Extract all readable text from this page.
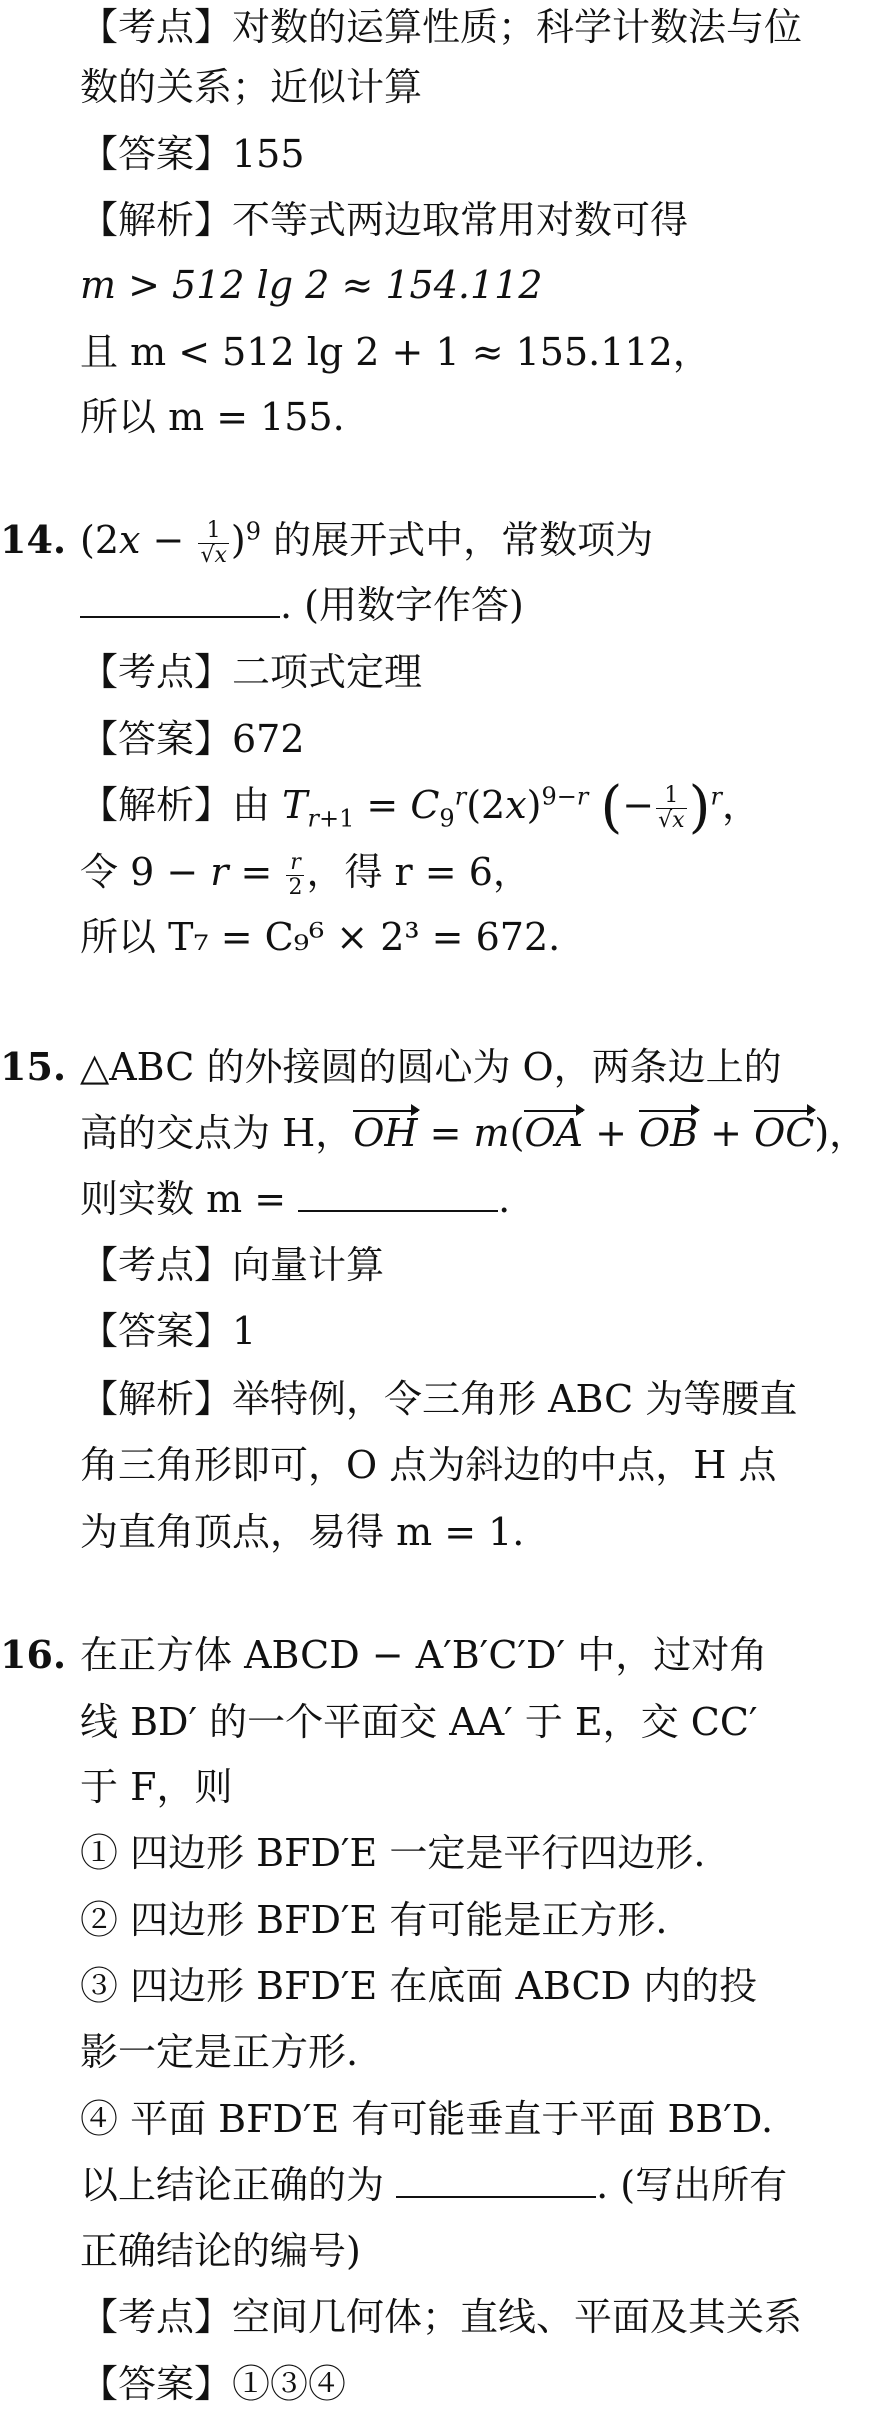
【考点】对数的运算性质；科学计数法与位
数的关系；近似计算
【答案】155
【解析】不等式两边取常用对数可得
m > 512 lg 2 ≈ 154.112
且 m < 512 lg 2 + 1 ≈ 155.112，
所以 m = 155.
14. $(2x - \frac{1}{√x} )^9$ 的展开式中，常数项为
. (用数字作答)
【考点】二项式定理
【答案】672
【解析】由 $T_{r+1} = C_9^r(2x)^{9-r}$ (− $\frac{1}{√x} )^r$，
令 $9 - r = \frac{r}{2}$ ，得 r = 6，
所以 T₇ = C₉⁶ × 2³ = 672.
15. △ABC 的外接圆的圆心为 O，两条边上的
高的交点为 H，OH = m(OA + OB + OC)，
则实数 m =	.
【考点】向量计算
【答案】1
【解析】举特例，令三角形 ABC 为等腰直
角三角形即可，O 点为斜边的中点，H 点
为直角顶点，易得 m = 1.
16. 在正方体 ABCD − A′B′C′D′ 中，过对角
线 BD′ 的一个平面交 AA′ 于 E，交 CC′
于 F，则
① 四边形 BFD′E 一定是平行四边形.
② 四边形 BFD′E 有可能是正方形.
③ 四边形 BFD′E 在底面 ABCD 内的投
影一定是正方形.
④ 平面 BFD′E 有可能垂直于平面 BB′D.
以上结论正确的为	. (写出所有
正确结论的编号)
【考点】空间几何体；直线、平面及其关系
【答案】①③④
